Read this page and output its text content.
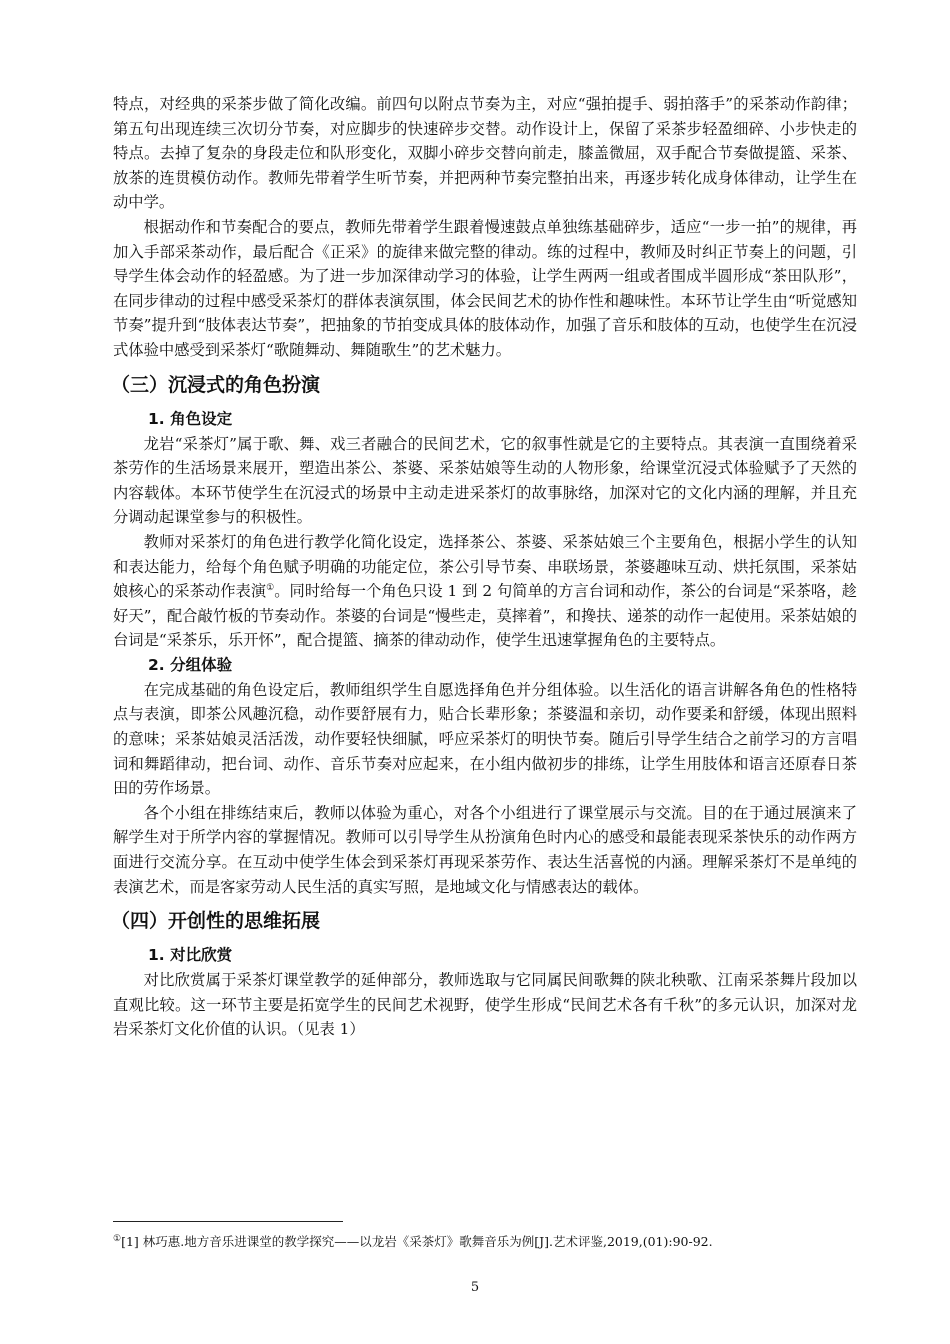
特点，对经典的采茶步做了简化改编。前四句以附点节奏为主，对应“强拍提手、弱拍落手”的采茶动作韵律；第五句出现连续三次切分节奏，对应脚步的快速碎步交替。动作设计上，保留了采茶步轻盈细碎、小步快走的特点。去掉了复杂的身段走位和队形变化，双脚小碎步交替向前走，膝盖微屈，双手配合节奏做提篮、采茶、放茶的连贯模仿动作。教师先带着学生听节奏，并把两种节奏完整拍出来，再逐步转化成身体律动，让学生在动中学。

根据动作和节奏配合的要点，教师先带着学生跟着慢速鼓点单独练基础碎步，适应“一步一拍”的规律，再加入手部采茶动作，最后配合《正采》的旋律来做完整的律动。练的过程中，教师及时纠正节奏上的问题，引导学生体会动作的轻盈感。为了进一步加深律动学习的体验，让学生两两一组或者围成半圆形成“茶田队形”，在同步律动的过程中感受采茶灯的群体表演氛围，体会民间艺术的协作性和趣味性。本环节让学生由“听觉感知节奏”提升到“肢体表达节奏”，把抽象的节拍变成具体的肢体动作，加强了音乐和肢体的互动，也使学生在沉浸式体验中感受到采茶灯“歌随舞动、舞随歌生”的艺术魅力。

（三）沉浸式的角色扮演
1. 角色设定

龙岩“采茶灯”属于歌、舞、戏三者融合的民间艺术，它的叙事性就是它的主要特点。其表演一直围绕着采茶劳作的生活场景来展开，塑造出茶公、茶婆、采茶姑娘等生动的人物形象，给课堂沉浸式体验赋予了天然的内容载体。本环节使学生在沉浸式的场景中主动走进采茶灯的故事脉络，加深对它的文化内涵的理解，并且充分调动起课堂参与的积极性。

教师对采茶灯的角色进行教学化简化设定，选择茶公、茶婆、采茶姑娘三个主要角色，根据小学生的认知和表达能力，给每个角色赋予明确的功能定位，茶公引导节奏、串联场景，茶婆趣味互动、烘托氛围，采茶姑娘核心的采茶动作表演①。同时给每一个角色只设 1 到 2 句简单的方言台词和动作，茶公的台词是“采茶咯，趁好天”，配合敲竹板的节奏动作。茶婆的台词是“慢些走，莫摔着”，和搀扶、递茶的动作一起使用。采茶姑娘的台词是“采茶乐，乐开怀”，配合提篮、摘茶的律动动作，使学生迅速掌握角色的主要特点。

2. 分组体验

在完成基础的角色设定后，教师组织学生自愿选择角色并分组体验。以生活化的语言讲解各角色的性格特点与表演，即茶公风趣沉稳，动作要舒展有力，贴合长辈形象；茶婆温和亲切，动作要柔和舒缓，体现出照料的意味；采茶姑娘灵活活泼，动作要轻快细腻，呼应采茶灯的明快节奏。随后引导学生结合之前学习的方言唱词和舞蹈律动，把台词、动作、音乐节奏对应起来，在小组内做初步的排练，让学生用肢体和语言还原春日茶田的劳作场景。

各个小组在排练结束后，教师以体验为重心，对各个小组进行了课堂展示与交流。目的在于通过展演来了解学生对于所学内容的掌握情况。教师可以引导学生从扮演角色时内心的感受和最能表现采茶快乐的动作两方面进行交流分享。在互动中使学生体会到采茶灯再现采茶劳作、表达生活喜悦的内涵。理解采茶灯不是单纯的表演艺术，而是客家劳动人民生活的真实写照，是地域文化与情感表达的载体。

（四）开创性的思维拓展
1. 对比欣赏

对比欣赏属于采茶灯课堂教学的延伸部分，教师选取与它同属民间歌舞的陕北秧歌、江南采茶舞片段加以直观比较。这一环节主要是拓宽学生的民间艺术视野，使学生形成“民间艺术各有千秋”的多元认识，加深对龙岩采茶灯文化价值的认识。（见表 1）

①[1] 林巧惠.地方音乐进课堂的教学探究——以龙岩《采茶灯》歌舞音乐为例[J].艺术评鉴,2019,(01):90-92.
5
